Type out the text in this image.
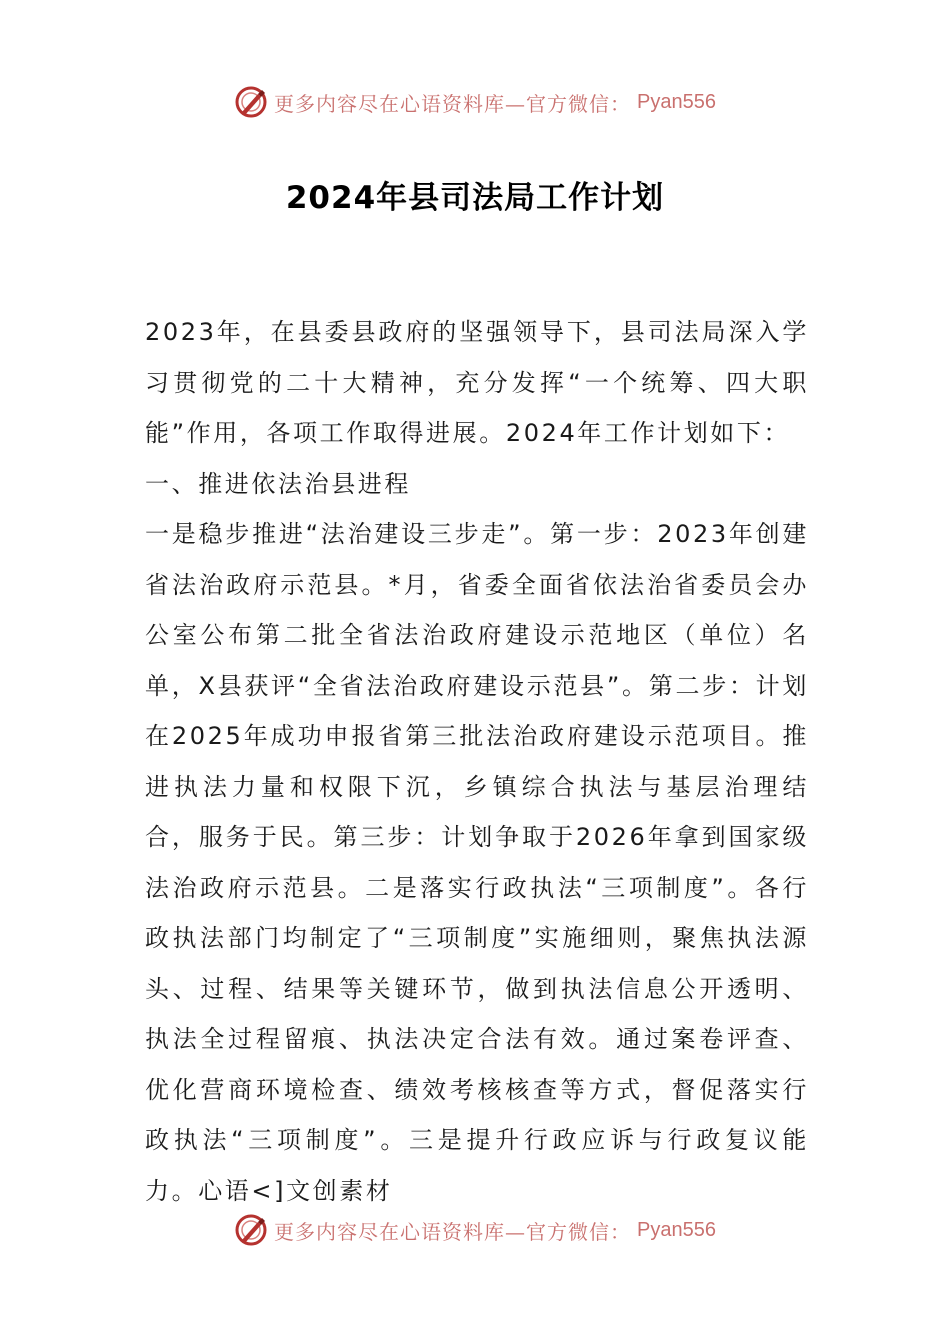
更多内容尽在心语资料库—官方微信： Pyan556
2024年县司法局工作计划

2023年，在县委县政府的坚强领导下，县司法局深入学习贯彻党的二十大精神，充分发挥“一个统筹、四大职能”作用，各项工作取得进展。2024年工作计划如下：

一、推进依法治县进程

一是稳步推进“法治建设三步走”。第一步：2023年创建省法治政府示范县。*月，省委全面省依法治省委员会办公室公布第二批全省法治政府建设示范地区（单位）名单，X县获评“全省法治政府建设示范县”。第二步：计划在2025年成功申报省第三批法治政府建设示范项目。推进执法力量和权限下沉，乡镇综合执法与基层治理结合，服务于民。第三步：计划争取于2026年拿到国家级法治政府示范县。二是落实行政执法“三项制度”。各行政执法部门均制定了“三项制度”实施细则，聚焦执法源头、过程、结果等关键环节，做到执法信息公开透明、执法全过程留痕、执法决定合法有效。通过案卷评查、优化营商环境检查、绩效考核核查等方式，督促落实行政执法“三项制度”。三是提升行政应诉与行政复议能力。心语<]文创素材

更多内容尽在心语资料库—官方微信： Pyan556
